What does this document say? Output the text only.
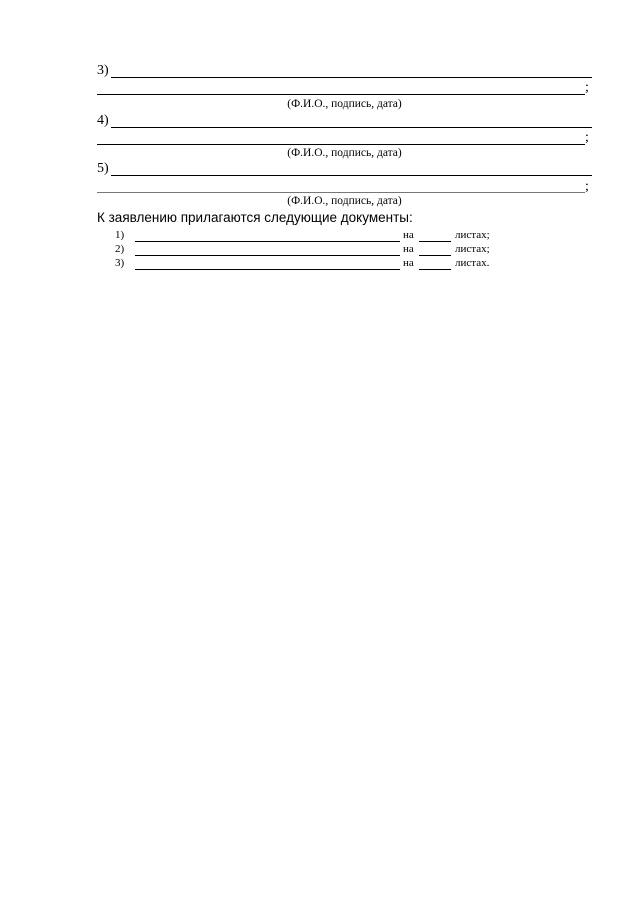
3)
;
(Ф.И.О., подпись, дата)
4)
;
(Ф.И.О., подпись, дата)
5)
;
(Ф.И.О., подпись, дата)
К заявлению прилагаются следующие документы:
1)	на	листах;
2)	на	листах;
3)	на	листах.
